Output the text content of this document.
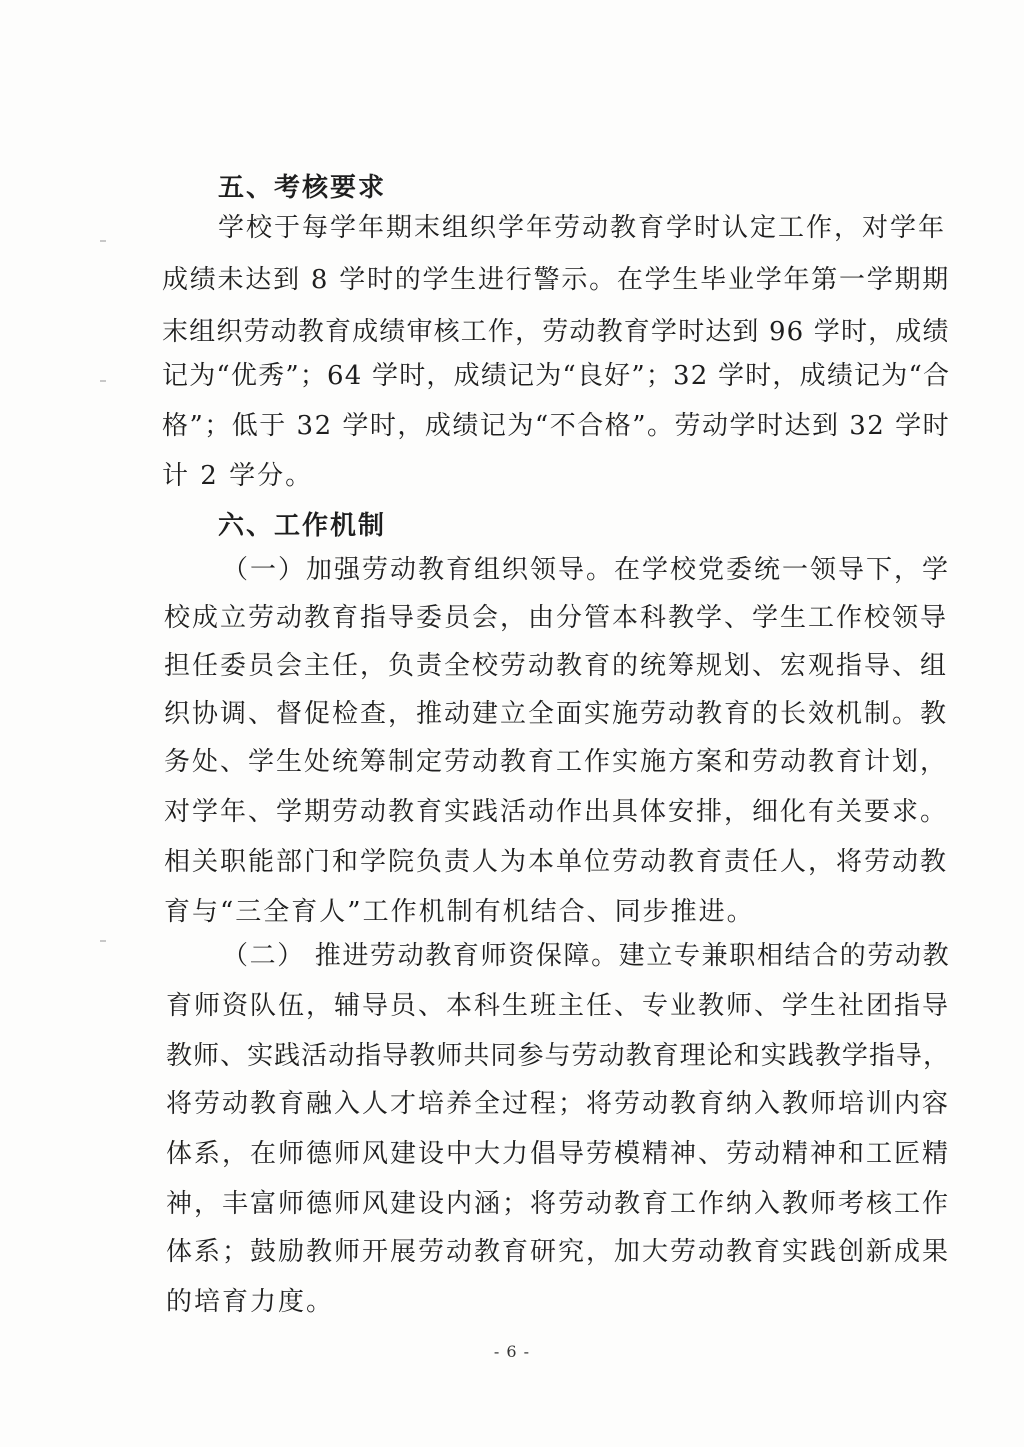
五、考核要求
学校于每学年期末组织学年劳动教育学时认定工作，对学年
成绩未达到 8 学时的学生进行警示。在学生毕业学年第一学期期
末组织劳动教育成绩审核工作，劳动教育学时达到 96 学时，成绩
记为“优秀”；64 学时，成绩记为“良好”；32 学时，成绩记为“合
格”；低于 32 学时，成绩记为“不合格”。劳动学时达到 32 学时
计 2 学分。
六、工作机制
（一）加强劳动教育组织领导。在学校党委统一领导下，学
校成立劳动教育指导委员会，由分管本科教学、学生工作校领导
担任委员会主任，负责全校劳动教育的统筹规划、宏观指导、组
织协调、督促检查，推动建立全面实施劳动教育的长效机制。教
务处、学生处统筹制定劳动教育工作实施方案和劳动教育计划，
对学年、学期劳动教育实践活动作出具体安排，细化有关要求。
相关职能部门和学院负责人为本单位劳动教育责任人，将劳动教
育与“三全育人”工作机制有机结合、同步推进。
（二） 推进劳动教育师资保障。建立专兼职相结合的劳动教
育师资队伍，辅导员、本科生班主任、专业教师、学生社团指导
教师、实践活动指导教师共同参与劳动教育理论和实践教学指导，
将劳动教育融入人才培养全过程；将劳动教育纳入教师培训内容
体系，在师德师风建设中大力倡导劳模精神、劳动精神和工匠精
神，丰富师德师风建设内涵；将劳动教育工作纳入教师考核工作
体系；鼓励教师开展劳动教育研究，加大劳动教育实践创新成果
的培育力度。
- 6 -
